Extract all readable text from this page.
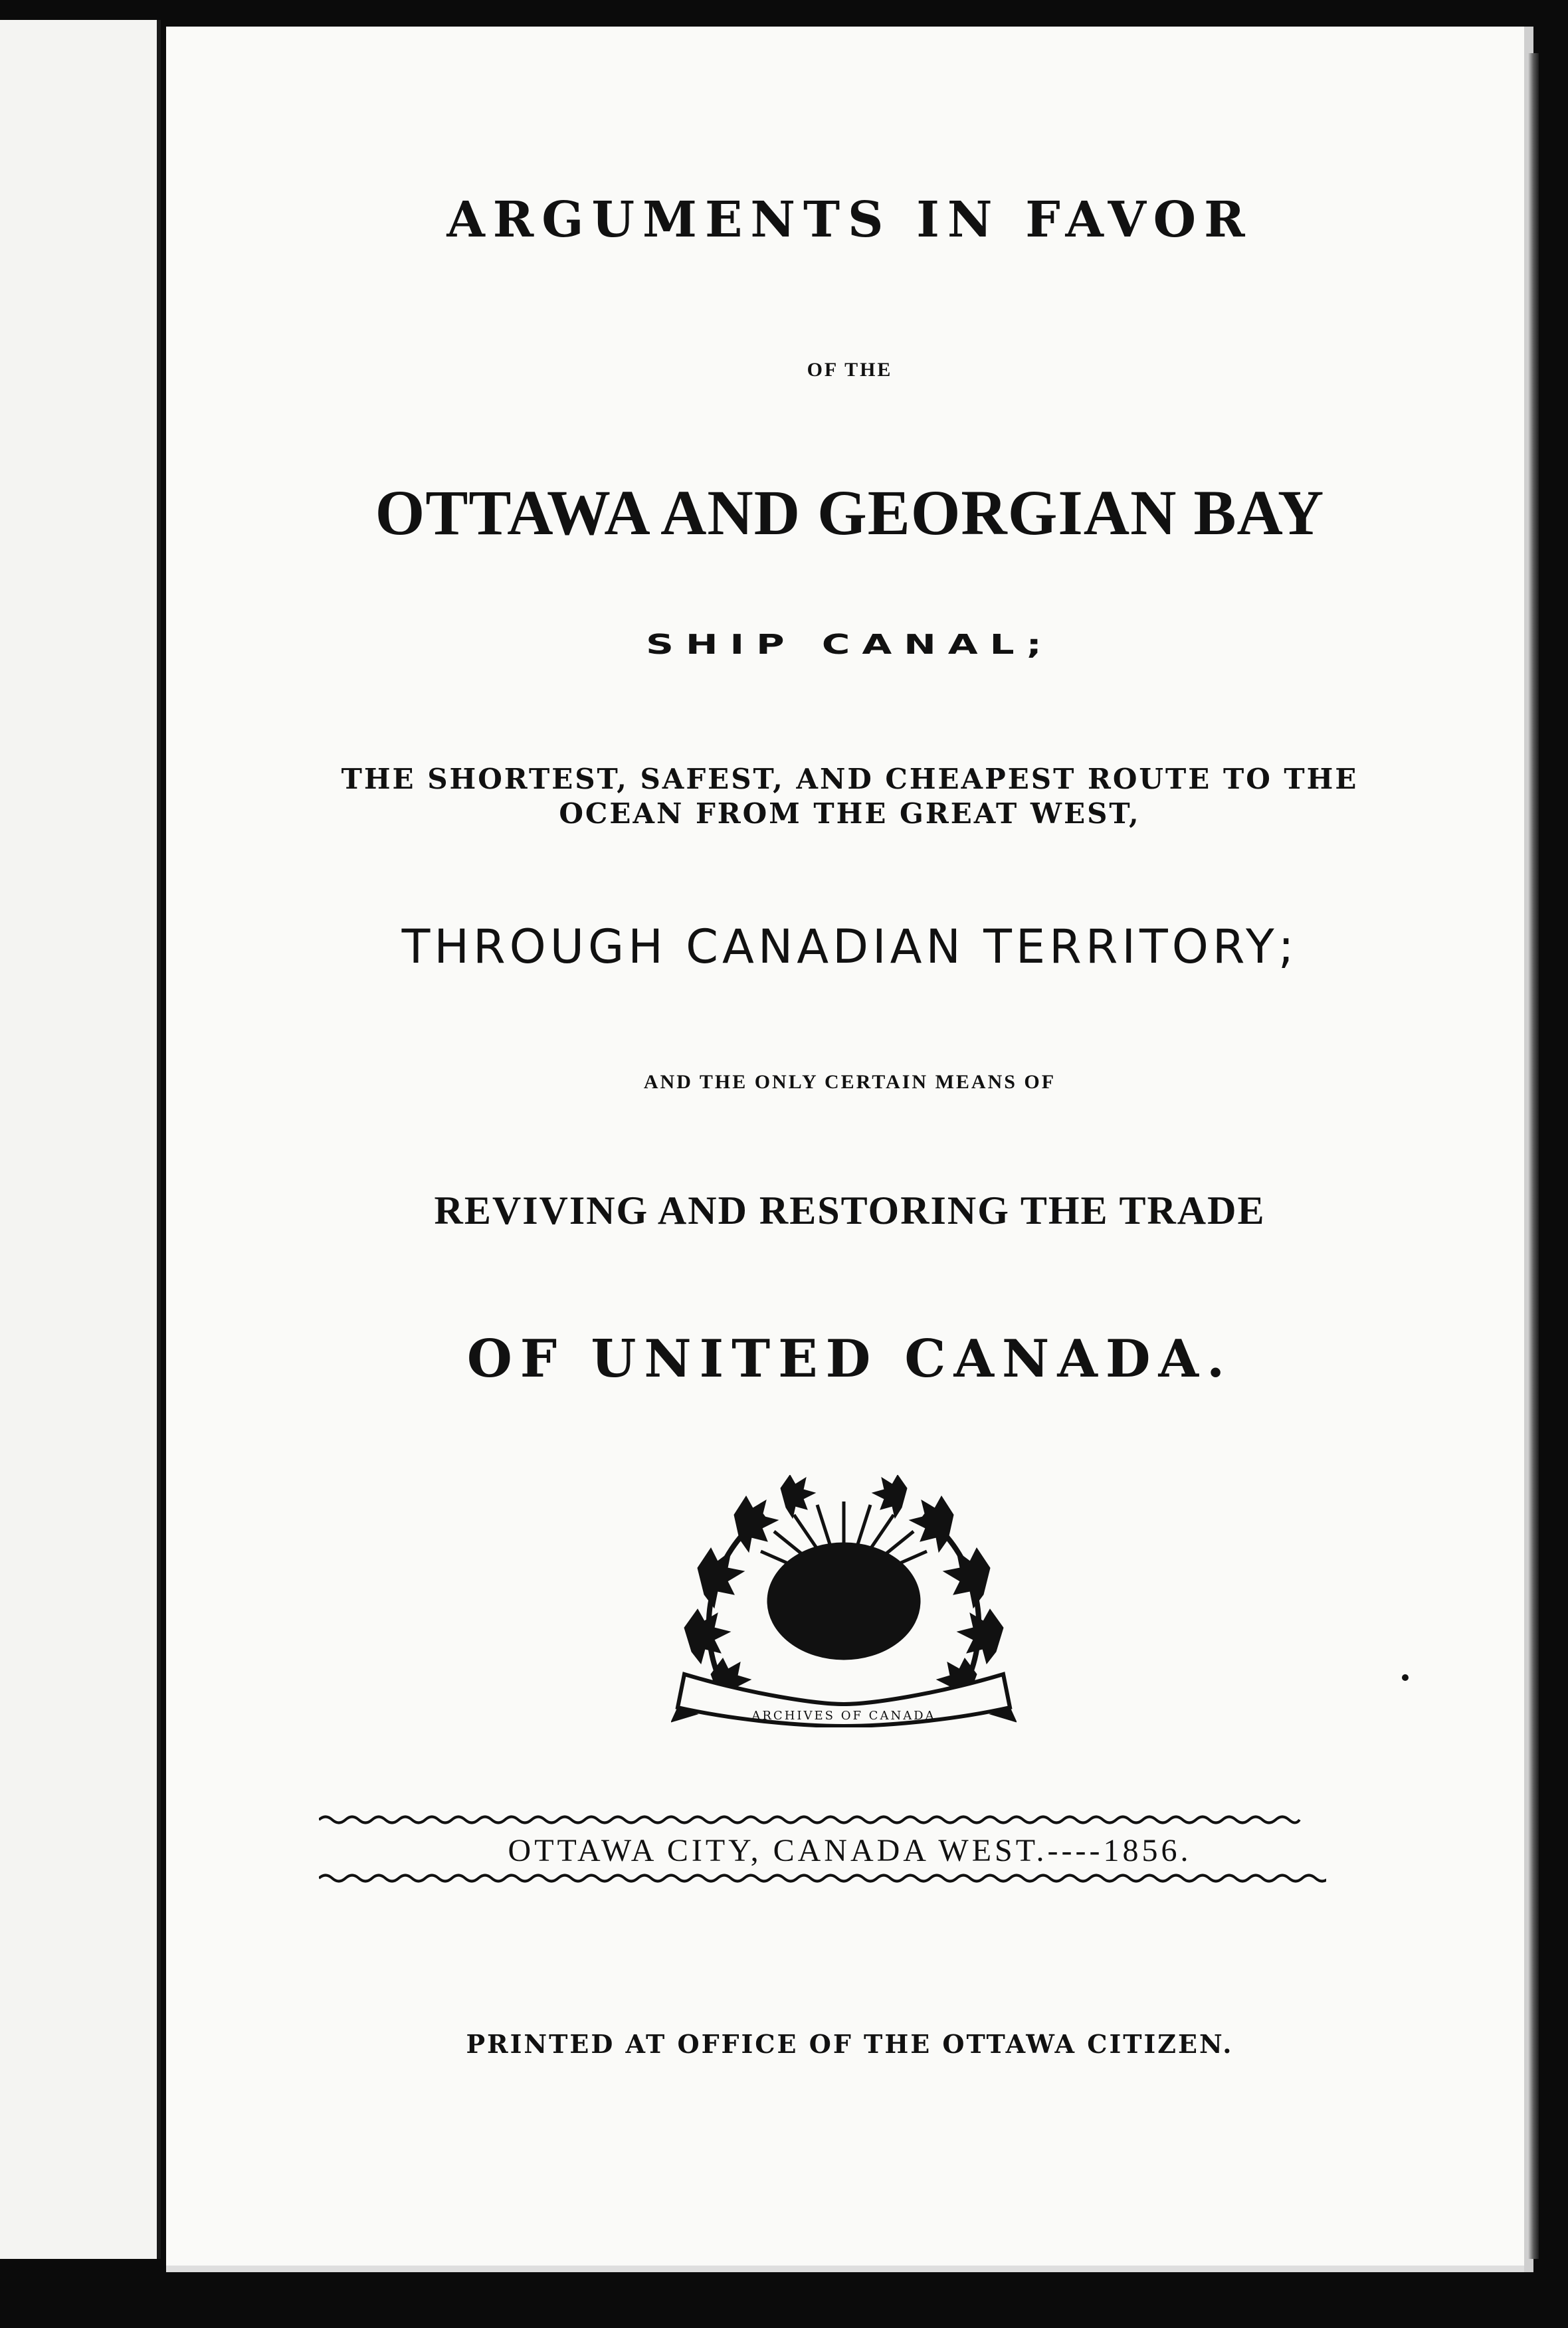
ARGUMENTS IN FAVOR

OF THE

OTTAWA AND GEORGIAN BAY

SHIP CANAL;

THE SHORTEST, SAFEST, AND CHEAPEST ROUTE TO THE

OCEAN FROM THE GREAT WEST,

THROUGH CANADIAN TERRITORY;

AND THE ONLY CERTAIN MEANS OF

REVIVING AND RESTORING THE TRADE

OF UNITED CANADA.

ARCHIVES OF CANADA

OTTAWA CITY, CANADA WEST.----1856.

PRINTED AT OFFICE OF THE OTTAWA CITIZEN.
